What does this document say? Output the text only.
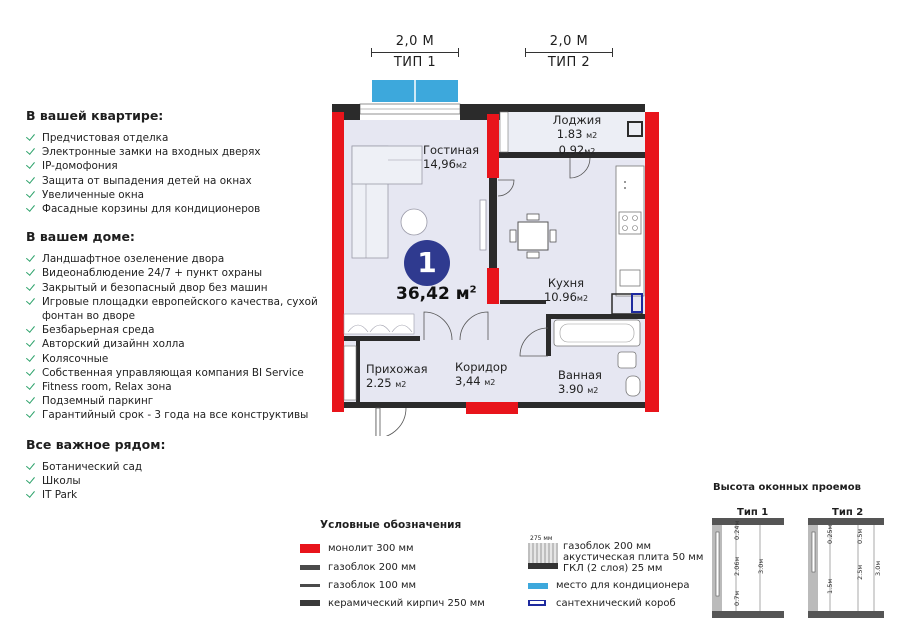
2,0 М
ТИП 1
2,0 М
ТИП 2
В вашей квартире:
Предчистовая отделка
Электронные замки на входных дверях
IP-домофония
Защита от выпадения детей на окнах
Увеличенные окна
Фасадные корзины для кондиционеров
В вашем доме:
Ландшафтное озеленение двора
Видеонаблюдение 24/7 + пункт охраны
Закрытый и безопасный двор без машин
Игровые площадки европейского качества, сухой фонтан во дворе
Безбарьерная среда
Авторский дизайнн холла
Колясочные
Собственная управляющая компания BI Service
Fitness room, Relax зона
Подземный паркинг
Гарантийный срок - 3 года на все конструктивы
Все важное рядом:
Ботанический сад
Школы
IT Park
Гостиная
14,96м2
Лоджия
1.83 м2
0.92м2
Кухня
10.96м2
Прихожая
2.25 м2
Коридор
3,44 м2
Ванная
3.90 м2
1
36,42 $м^2$
Условные обозначения
монолит 300 мм
газоблок 200 мм
газоблок 100 мм
керамический кирпич 250 мм
275 мм
газоблок 200 мм
акустическая плита 50 мм
ГКЛ (2 слоя) 25 мм
место для кондиционера
сантехнический короб
Высота оконных проемов
Тип 1
0.24м
2.06м
0.7м
3.0м
Тип 2
0.25м
1.5м
0.5м
2.5м 3.0м
